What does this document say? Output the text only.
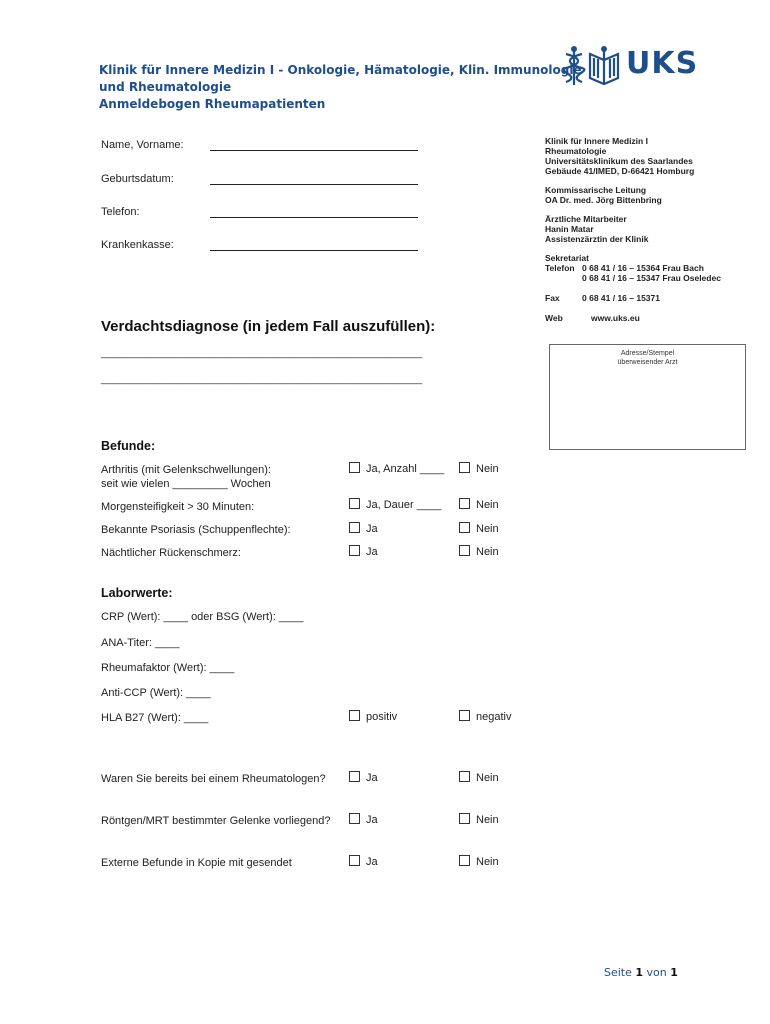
Klinik für Innere Medizin I - Onkologie, Hämatologie, Klin. Immunologie
und Rheumatologie
Anmeldebogen Rheumapatienten
UKS
Name, Vorname:
Geburtsdatum:
Telefon:
Krankenkasse:
Klinik für Innere Medizin I
Rheumatologie
Universitätsklinikum des Saarlandes
Gebäude 41/IMED, D-66421 Homburg
Kommissarische Leitung
OA Dr. med. Jörg Bittenbring
Ärztliche Mitarbeiter
Hanin Matar
Assistenzärztin der Klinik
Sekretariat
Telefon 0 68 41 / 16 – 15364 Frau Bach
0 68 41 / 16 – 15347 Frau Oseledec
Fax	0 68 41 / 16 – 15371
Web	www.uks.eu
Adresse/Stempel
überweisender Arzt
Verdachtsdiagnose (in jedem Fall auszufüllen):
_______________________________________________________
_______________________________________________________
Befunde:
Arthritis (mit Gelenkschwellungen):
seit wie vielen _________ Wochen
Ja, Anzahl ____	Nein
Morgensteifigkeit > 30 Minuten:	Ja, Dauer ____	Nein
Bekannte Psoriasis (Schuppenflechte):	Ja	Nein
Nächtlicher Rückenschmerz:	Ja	Nein
Laborwerte:
CRP (Wert): ____ oder BSG (Wert): ____
ANA-Titer: ____
Rheumafaktor (Wert): ____
Anti-CCP (Wert): ____
HLA B27 (Wert): ____	positiv	negativ
Waren Sie bereits bei einem Rheumatologen?	Ja	Nein
Röntgen/MRT bestimmter Gelenke vorliegend?	Ja	Nein
Externe Befunde in Kopie mit gesendet	Ja	Nein
Seite 1 von 1
